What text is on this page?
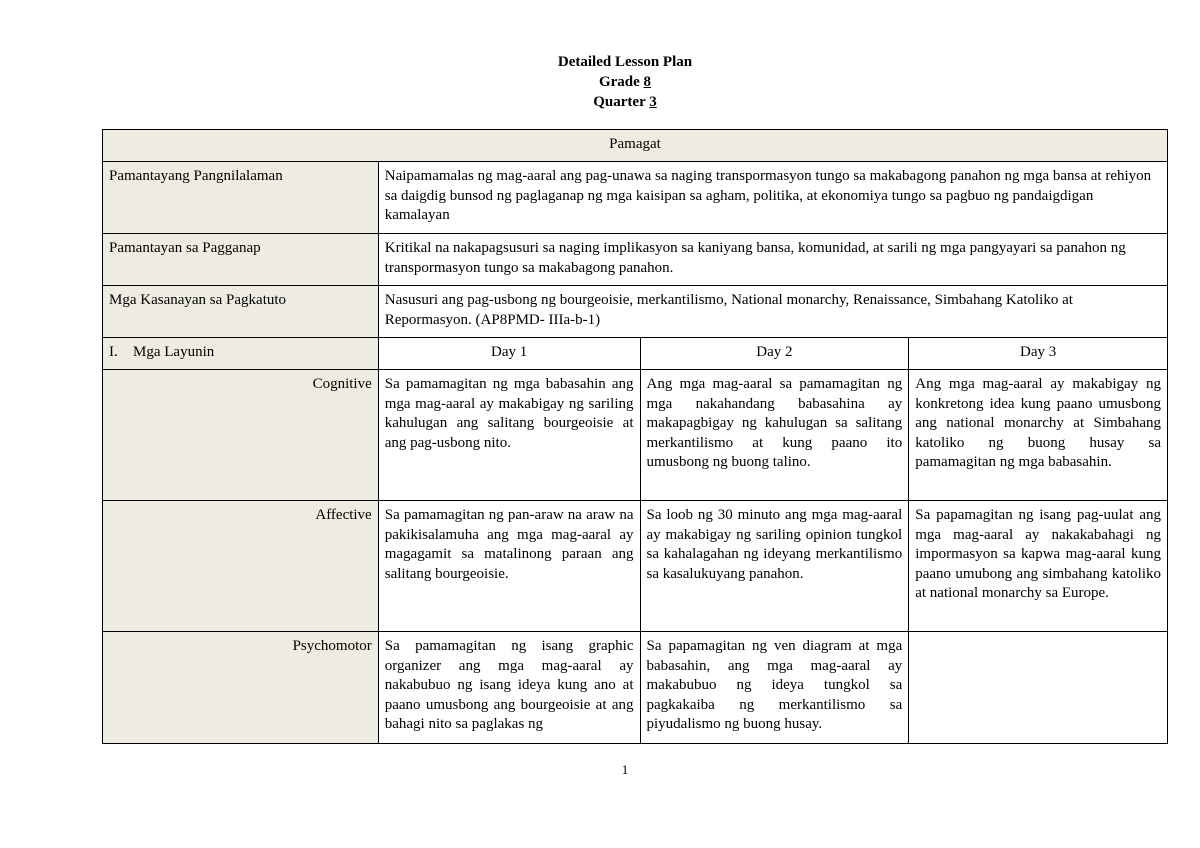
Detailed Lesson Plan
Grade 8
Quarter 3
Pamagat			
Pamantayang Pangnilalaman	Naipamamalas ng mag-aaral ang pag-unawa sa naging transpormasyon tungo sa makabagong panahon ng mga bansa at rehiyon sa daigdig bunsod ng paglaganap ng mga kaisipan sa agham, politika, at ekonomiya tungo sa pagbuo ng pandaigdigan kamalayan		
Pamantayan sa Pagganap	Kritikal na nakapagsusuri sa naging implikasyon sa kaniyang bansa, komunidad, at sarili ng mga pangyayari sa panahon ng transpormasyon tungo sa makabagong panahon.		
Mga Kasanayan sa Pagkatuto	Nasusuri ang pag-usbong ng bourgeoisie, merkantilismo, National monarchy, Renaissance, Simbahang Katoliko at Repormasyon. (AP8PMD- IIIa-b-1)		
I. Mga Layunin	Day 1	Day 2	Day 3
Cognitive	Sa pamamagitan ng mga babasahin ang mga mag-aaral ay makabigay ng sariling kahulugan ang salitang bourgeoisie at ang pag-usbong nito.	Ang mga mag-aaral sa pamamagitan ng mga nakahandang babasahina ay makapagbigay ng kahulugan sa salitang merkantilismo at kung paano ito umusbong ng buong talino.	Ang mga mag-aaral ay makabigay ng konkretong idea kung paano umusbong ang national monarchy at Simbahang katoliko ng buong husay sa pamamagitan ng mga babasahin.
Affective	Sa pamamagitan ng pan-araw na araw na pakikisalamuha ang mga mag-aaral ay magagamit sa matalinong paraan ang salitang bourgeoisie.	Sa loob ng 30 minuto ang mga mag-aaral ay makabigay ng sariling opinion tungkol sa kahalagahan ng ideyang merkantilismo sa kasalukuyang panahon.	Sa papamagitan ng isang pag-uulat ang mga mag-aaral ay nakakabahagi ng impormasyon sa kapwa mag-aaral kung paano umubong ang simbahang katoliko at national monarchy sa Europe.
Psychomotor	Sa pamamagitan ng isang graphic organizer ang mga mag-aaral ay nakabubuo ng isang ideya kung ano at paano umusbong ang bourgeoisie at ang bahagi nito sa paglakas ng	Sa papamagitan ng ven diagram at mga babasahin, ang mga mag-aaral ay makabubuo ng ideya tungkol sa pagkakaiba ng merkantilismo sa piyudalismo ng buong husay.	
1
